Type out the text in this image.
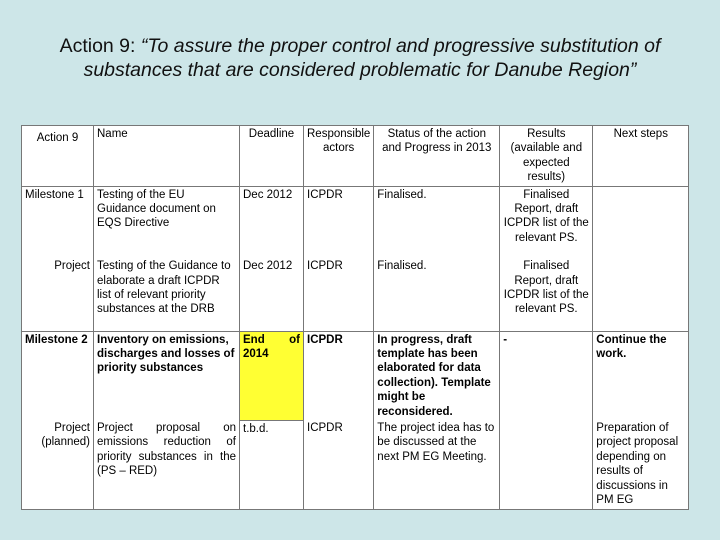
Action 9: “To assure the proper control and progressive substitution of substances that are considered problematic for Danube Region”
Action 9	Name	Deadline	Responsible actors	Status of the action and Progress in 2013	Results (available and expected results)	Next steps
Milestone 1	Testing of the EU Guidance document on EQS Directive	Dec 2012	ICPDR	Finalised.	Finalised Report, draft ICPDR list of the relevant PS.	
Project	Testing of the Guidance to elaborate a draft ICPDR list of relevant priority substances at the DRB	Dec 2012	ICPDR	Finalised.	Finalised Report, draft ICPDR list of the relevant PS.	
Milestone 2	Inventory on emissions, discharges and losses of priority substances	End of 2014	ICPDR	In progress, draft template has been elaborated for data collection). Template might be reconsidered.	-	Continue the work.
Project (planned)	Project proposal on emissions reduction of priority substances in the (PS – RED)	t.b.d.	ICPDR	The project idea has to be discussed at the next PM EG Meeting.		Preparation of project proposal depending on results of discussions in PM EG
